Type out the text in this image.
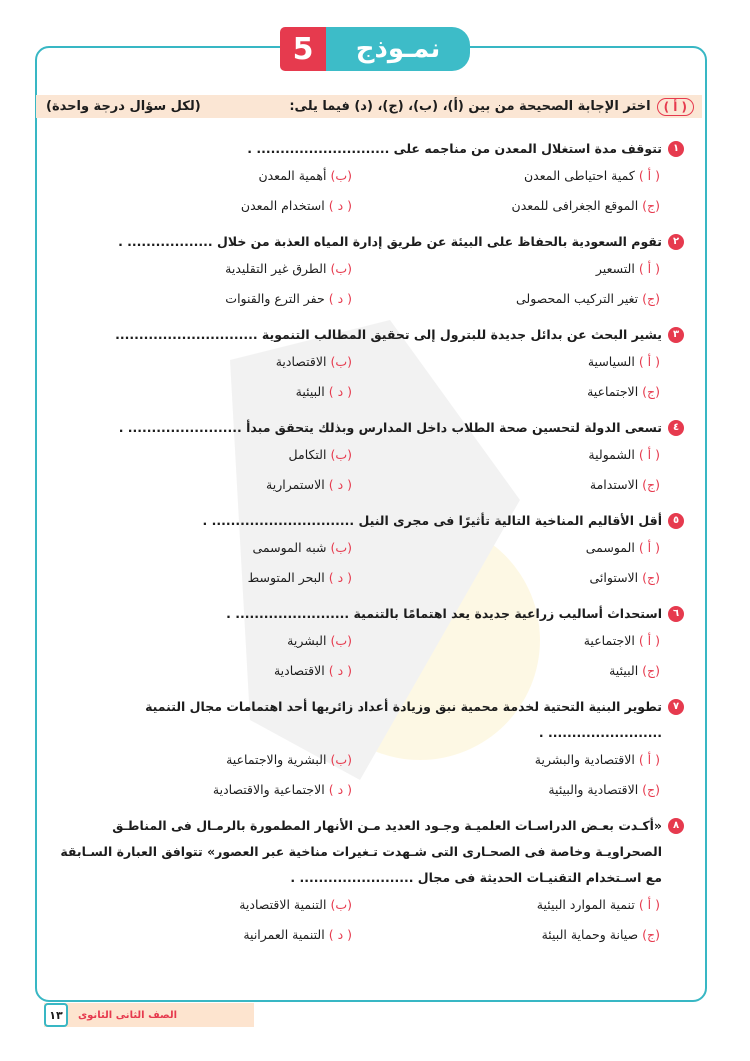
5	نمـوذج
( أ )
اختر الإجابة الصحيحة من بين (أ)، (ب)، (ج)، (د) فيما يلى:
(لكل سؤال درجة واحدة)
١
تتوقف مدة استغلال المعدن من مناجمه على ............................ .
( أ )
كمية احتياطى المعدن
(ب)
أهمية المعدن
(ج)
الموقع الجغرافى للمعدن
( د )
استخدام المعدن
٢
تقوم السعودية بالحفاظ على البيئة عن طريق إدارة المياه العذبة من خلال .................. .
( أ )
التسعير
(ب)
الطرق غير التقليدية
(ج)
تغير التركيب المحصولى
( د )
حفر الترع والقنوات
٣
يشير البحث عن بدائل جديدة للبترول إلى تحقيق المطالب التنموية ..............................
( أ )
السياسية
(ب)
الاقتصادية
(ج)
الاجتماعية
( د )
البيئية
٤
تسعى الدولة لتحسين صحة الطلاب داخل المدارس وبذلك يتحقق مبدأ ........................ .
( أ )
الشمولية
(ب)
التكامل
(ج)
الاستدامة
( د )
الاستمرارية
٥
أقل الأقاليم المناخية التالية تأثيرًا فى مجرى النيل .............................. .
( أ )
الموسمى
(ب)
شبه الموسمى
(ج)
الاستوائى
( د )
البحر المتوسط
٦
استحداث أساليب زراعية جديدة يعد اهتمامًا بالتنمية ........................ .
( أ )
الاجتماعية
(ب)
البشرية
(ج)
البيئية
( د )
الاقتصادية
٧
تطوير البنية التحتية لخدمة محمية نبق وزيادة أعداد زائريها أحد اهتمامات مجال التنمية ........................ .
( أ )
الاقتصادية والبشرية
(ب)
البشرية والاجتماعية
(ج)
الاقتصادية والبيئية
( د )
الاجتماعية والاقتصادية
٨
«أكـدت بعـض الدراسـات العلميـة وجـود العديد مـن الأنهار المطمورة بالرمـال فى المناطـق الصحراويـة وخاصة فى الصحـارى التى شـهدت تـغيرات مناخية عبر العصور» تتوافق العبارة السـابقة مع اسـتخدام التقنيـات الحديثة فى مجال ........................ .
( أ )
تنمية الموارد البيئية
(ب)
التنمية الاقتصادية
(ج)
صيانة وحماية البيئة
( د )
التنمية العمرانية
١٣	الصف الثانى الثانوى
